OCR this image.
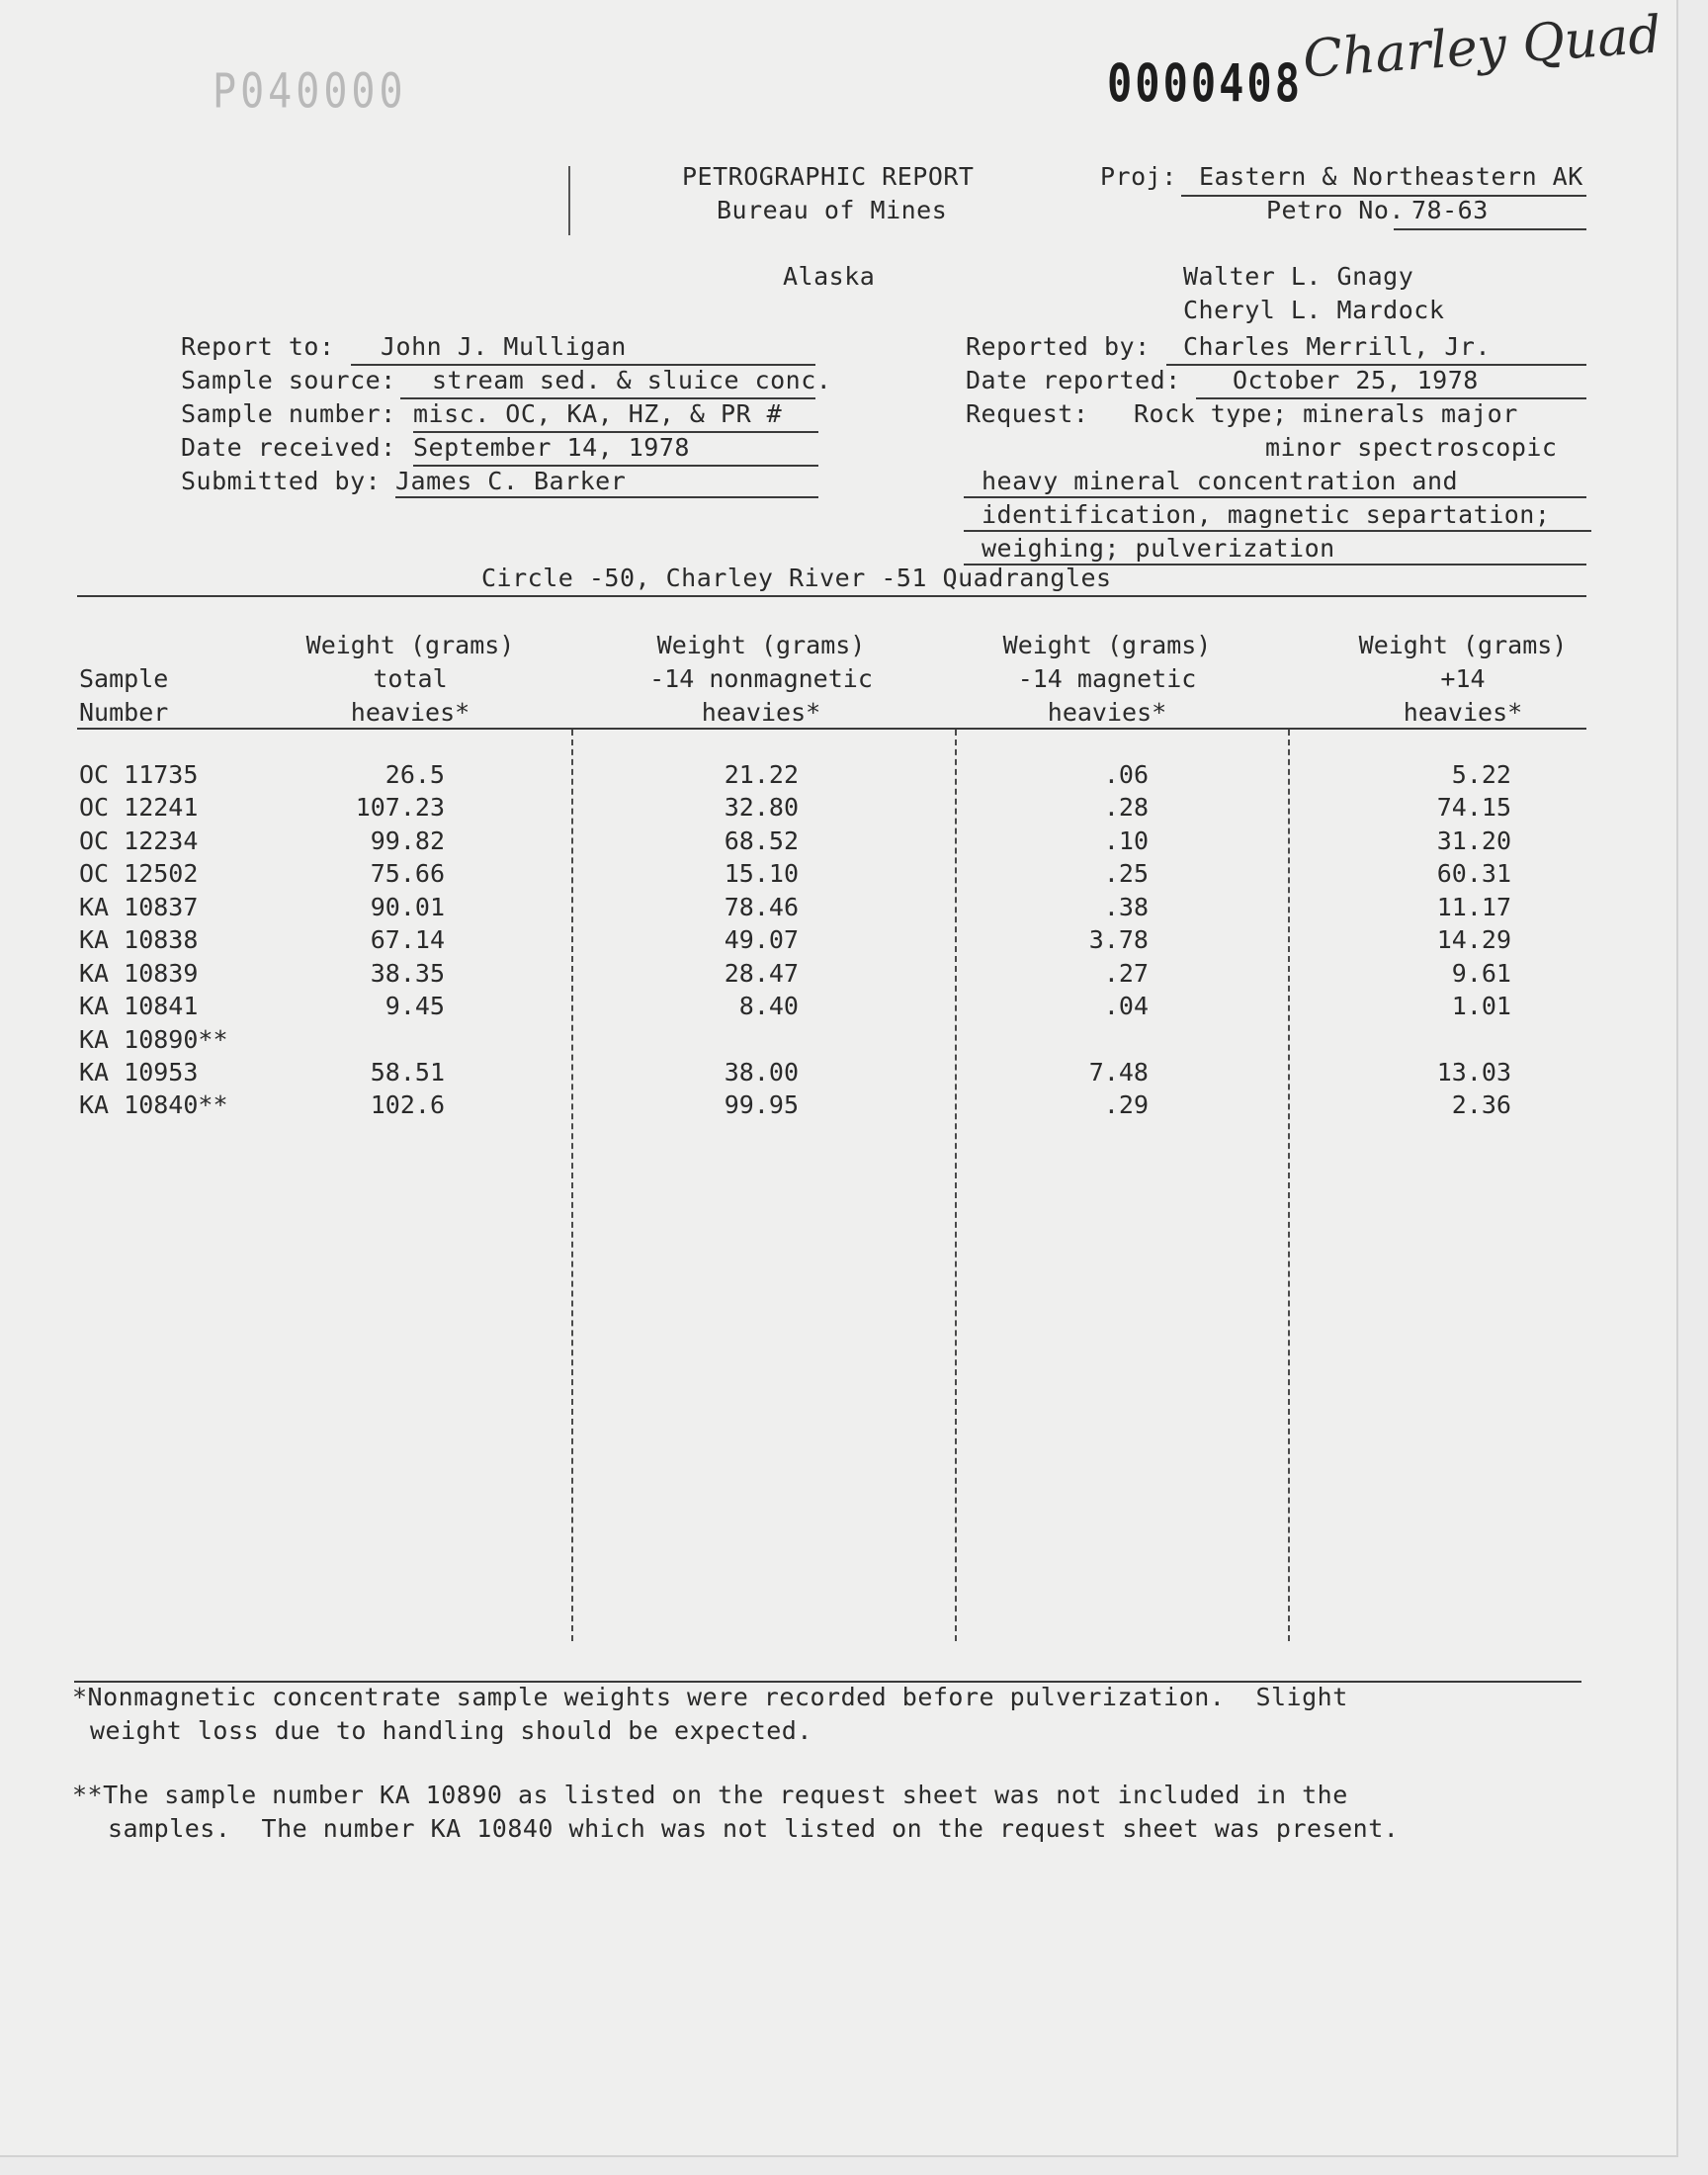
P040000	0000408
Charley Quad
PETROGRAPHIC REPORT
Bureau of Mines
Alaska
Proj: Eastern & Northeastern AK
Petro No. 78-63
Walter L. Gnagy
Cheryl L. Mardock
Report to: John J. Mulligan
Sample source: stream sed. & sluice conc.
Sample number: misc. OC, KA, HZ, & PR #
Date received: September 14, 1978
Submitted by: James C. Barker
Reported by: Charles Merrill, Jr.
Date reported: October 25, 1978
Request: Rock type; minerals major
minor spectroscopic
heavy mineral concentration and
identification, magnetic separtation;
weighing; pulverization
Circle -50, Charley River -51 Quadrangles
Sample
Number
Weight (grams)
total
heavies*
Weight (grams)
-14 nonmagnetic
heavies*
Weight (grams)
-14 magnetic
heavies*
Weight (grams)
+14
heavies*
OC 11735	26.5	21.22	.06	5.22
OC 12241	107.23	32.80	.28	74.15
OC 12234	99.82	68.52	.10	31.20
OC 12502	75.66	15.10	.25	60.31
KA 10837	90.01	78.46	.38	11.17
KA 10838	67.14	49.07	3.78	14.29
KA 10839	38.35	28.47	.27	9.61
KA 10841	9.45	8.40	.04	1.01
KA 10890**
KA 10953	58.51	38.00	7.48	13.03
KA 10840**	102.6	99.95	.29	2.36
*Nonmagnetic concentrate sample weights were recorded before pulverization.  Slight
weight loss due to handling should be expected.
**The sample number KA 10890 as listed on the request sheet was not included in the
samples.  The number KA 10840 which was not listed on the request sheet was present.
